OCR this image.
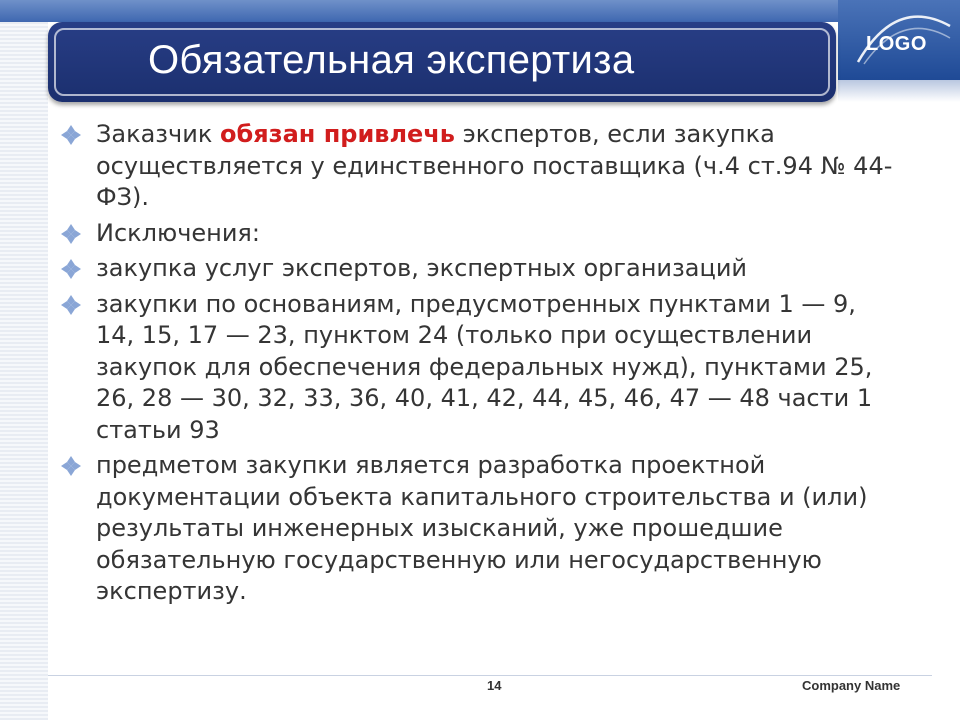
LOGO
Обязательная экспертиза
Заказчик обязан привлечь экспертов, если закупка осуществляется у единственного поставщика (ч.4 ст.94 № 44-ФЗ).
Исключения:
закупка услуг экспертов, экспертных организаций
закупки по основаниям, предусмотренных пунктами 1 — 9, 14, 15, 17 — 23, пунктом 24 (только при осуществлении закупок для обеспечения федеральных нужд), пунктами 25, 26, 28 — 30, 32, 33, 36, 40, 41, 42, 44, 45, 46, 47 — 48 части 1 статьи 93
предметом закупки является разработка проектной документации объекта капитального строительства и (или) результаты инженерных изысканий, уже прошедшие обязательную государственную или негосударственную экспертизу.
14	Company Name
